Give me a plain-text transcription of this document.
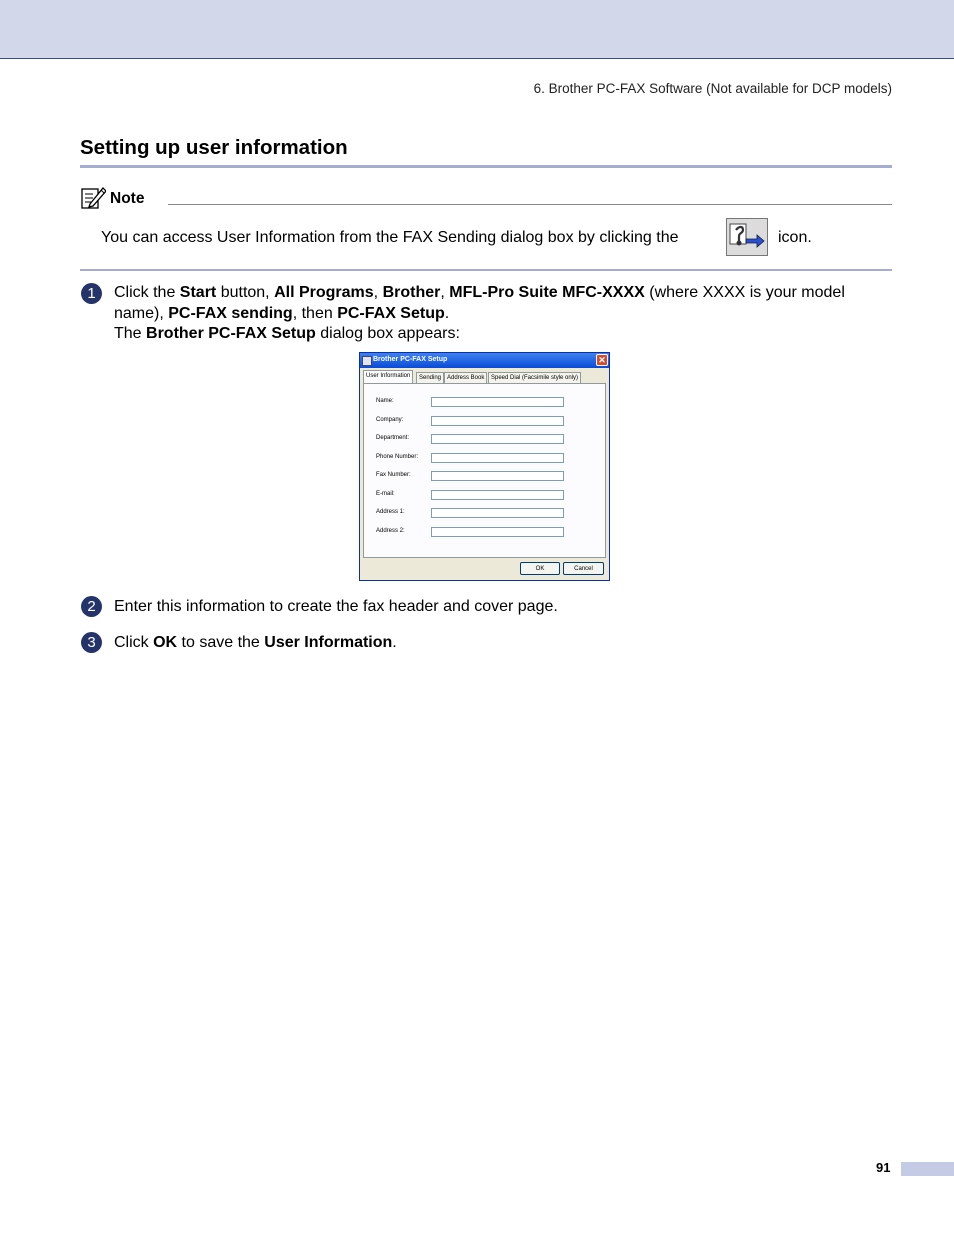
6. Brother PC-FAX Software (Not available for DCP models)
Setting up user information
Note
You can access User Information from the FAX Sending dialog box by clicking the	icon.
1	Click the Start button, All Programs, Brother, MFL-Pro Suite MFC-XXXX (where XXXX is your model name), PC-FAX sending, then PC-FAX Setup.
The Brother PC-FAX Setup dialog box appears:
Brother PC-FAX Setup	✕
User Information	Sending Address Book	Speed Dial (Facsimile style only)
Name:
Company:
Department:
Phone Number:
Fax Number:
E-mail:
Address 1:
Address 2:
OK	Cancel
2	Enter this information to create the fax header and cover page.
3	Click OK to save the User Information.
91
